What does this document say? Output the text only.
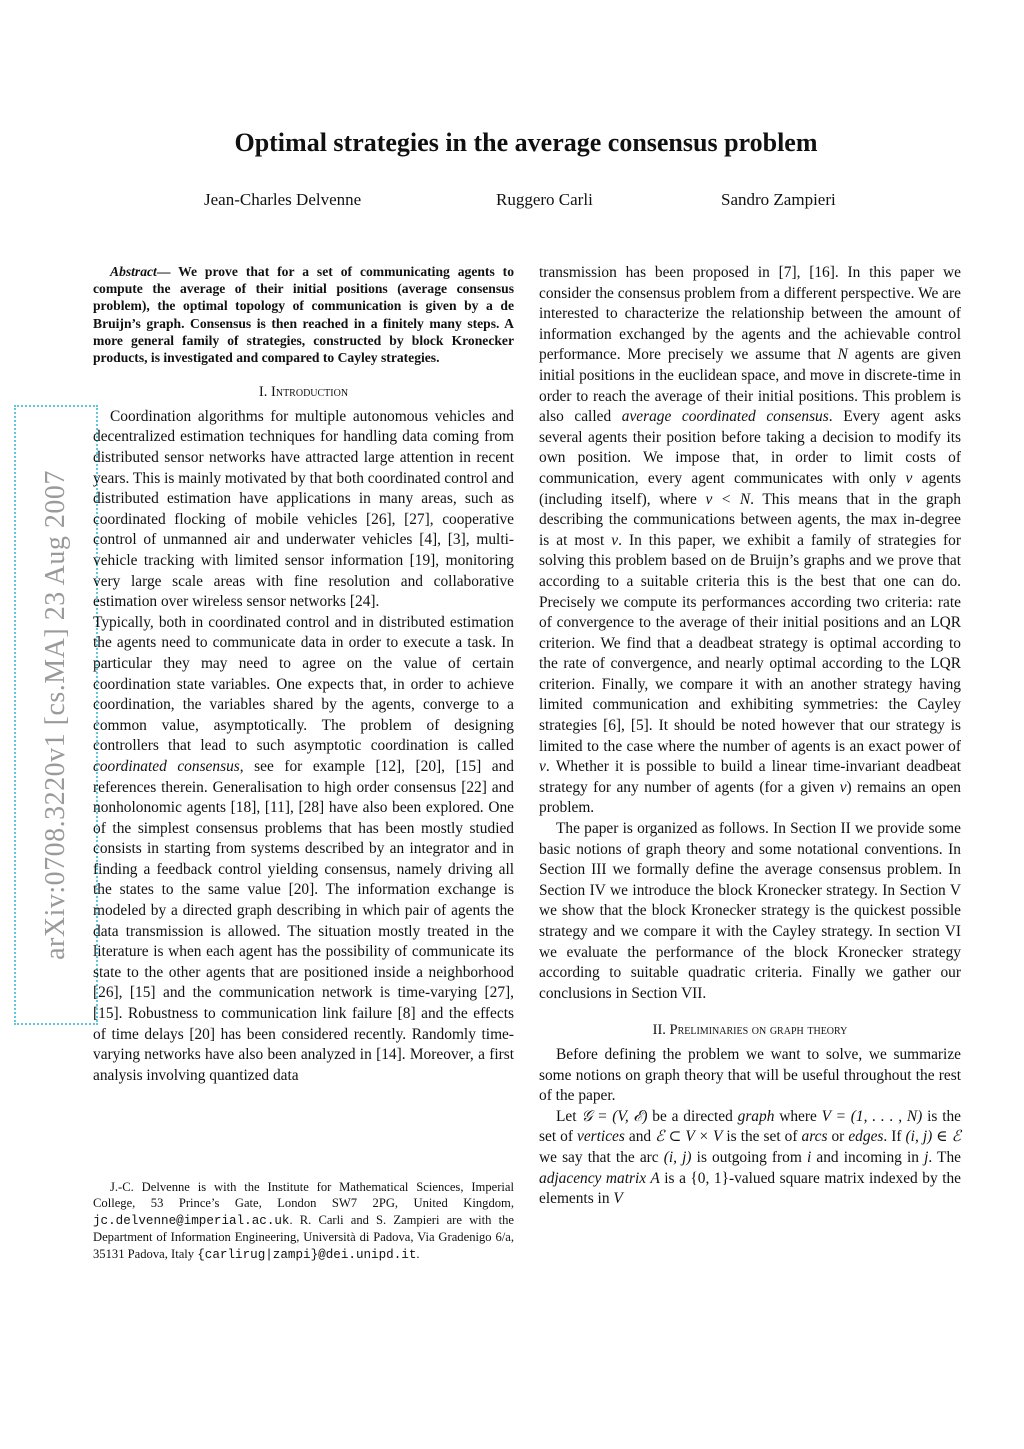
Optimal strategies in the average consensus problem
Jean-Charles Delvenne	Ruggero Carli	Sandro Zampieri
arXiv:0708.3220v1 [cs.MA] 23 Aug 2007

Abstract— We prove that for a set of communicating agents to compute the average of their initial positions (average consensus problem), the optimal topology of communication is given by a de Bruijn’s graph. Consensus is then reached in a finitely many steps. A more general family of strategies, constructed by block Kronecker products, is investigated and compared to Cayley strategies.

I. Introduction

Coordination algorithms for multiple autonomous vehicles and decentralized estimation techniques for handling data coming from distributed sensor networks have attracted large attention in recent years. This is mainly motivated by that both coordinated control and distributed estimation have applications in many areas, such as coordinated flocking of mobile vehicles [26], [27], cooperative control of unmanned air and underwater vehicles [4], [3], multi-vehicle tracking with limited sensor information [19], monitoring very large scale areas with fine resolution and collaborative estimation over wireless sensor networks [24].

Typically, both in coordinated control and in distributed estimation the agents need to communicate data in order to execute a task. In particular they may need to agree on the value of certain coordination state variables. One expects that, in order to achieve coordination, the variables shared by the agents, converge to a common value, asymptotically. The problem of designing controllers that lead to such asymptotic coordination is called coordinated consensus, see for example [12], [20], [15] and references therein. Generalisation to high order consensus [22] and nonholonomic agents [18], [11], [28] have also been explored. One of the simplest consensus problems that has been mostly studied consists in starting from systems described by an integrator and in finding a feedback control yielding consensus, namely driving all the states to the same value [20]. The information exchange is modeled by a directed graph describing in which pair of agents the data transmission is allowed. The situation mostly treated in the literature is when each agent has the possibility of communicate its state to the other agents that are positioned inside a neighborhood [26], [15] and the communication network is time-varying [27], [15]. Robustness to communication link failure [8] and the effects of time delays [20] has been considered recently. Randomly time-varying networks have also been analyzed in [14]. Moreover, a first analysis involving quantized data

J.-C. Delvenne is with the Institute for Mathematical Sciences, Imperial College, 53 Prince’s Gate, London SW7 2PG, United Kingdom, jc.delvenne@imperial.ac.uk. R. Carli and S. Zampieri are with the Department of Information Engineering, Università di Padova, Via Gradenigo 6/a, 35131 Padova, Italy {carlirug|zampi}@dei.unipd.it.

transmission has been proposed in [7], [16]. In this paper we consider the consensus problem from a different perspective. We are interested to characterize the relationship between the amount of information exchanged by the agents and the achievable control performance. More precisely we assume that N agents are given initial positions in the euclidean space, and move in discrete-time in order to reach the average of their initial positions. This problem is also called average coordinated consensus. Every agent asks several agents their position before taking a decision to modify its own position. We impose that, in order to limit costs of communication, every agent communicates with only ν agents (including itself), where ν < N. This means that in the graph describing the communications between agents, the max in-degree is at most ν. In this paper, we exhibit a family of strategies for solving this problem based on de Bruijn’s graphs and we prove that according to a suitable criteria this is the best that one can do. Precisely we compute its performances according two criteria: rate of convergence to the average of their initial positions and an LQR criterion. We find that a deadbeat strategy is optimal according to the rate of convergence, and nearly optimal according to the LQR criterion. Finally, we compare it with an another strategy having limited communication and exhibiting symmetries: the Cayley strategies [6], [5]. It should be noted however that our strategy is limited to the case where the number of agents is an exact power of ν. Whether it is possible to build a linear time-invariant deadbeat strategy for any number of agents (for a given ν) remains an open problem.

The paper is organized as follows. In Section II we provide some basic notions of graph theory and some notational conventions. In Section III we formally define the average consensus problem. In Section IV we introduce the block Kronecker strategy. In Section V we show that the block Kronecker strategy is the quickest possible strategy and we compare it with the Cayley strategy. In section VI we evaluate the performance of the block Kronecker strategy according to suitable quadratic criteria. Finally we gather our conclusions in Section VII.

II. Preliminaries on graph theory

Before defining the problem we want to solve, we summarize some notions on graph theory that will be useful throughout the rest of the paper.

Let 𝒢 = (V, ℰ) be a directed graph where V = (1, . . . , N) is the set of vertices and ℰ ⊂ V × V is the set of arcs or edges. If (i, j) ∈ ℰ we say that the arc (i, j) is outgoing from i and incoming in j. The adjacency matrix A is a {0, 1}-valued square matrix indexed by the elements in V
